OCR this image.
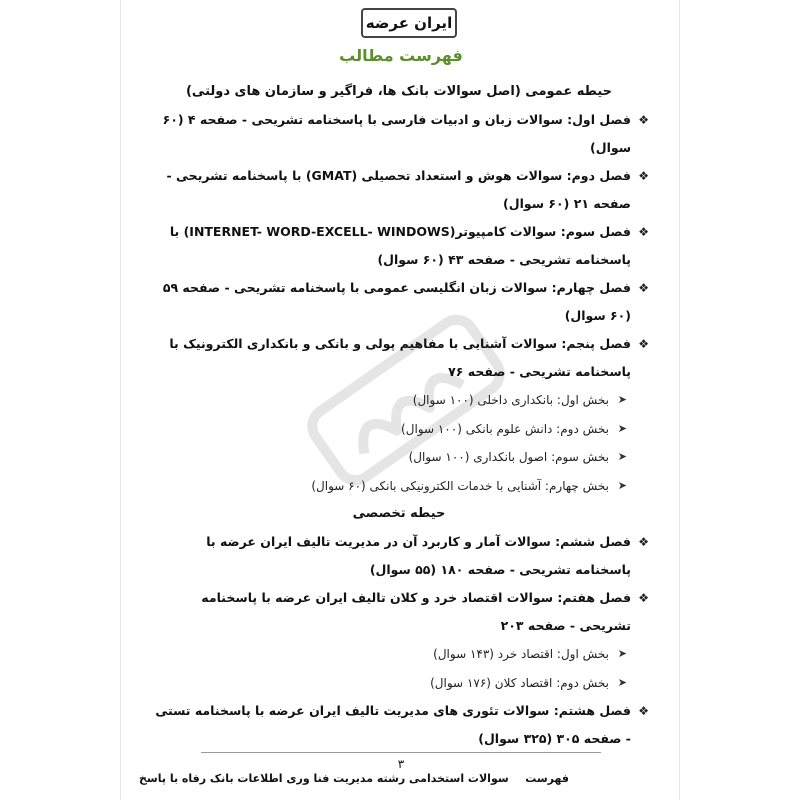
ایران عرضه
فهرست مطالب
حیطه عمومی (اصل سوالات بانک ها، فراگیر و سازمان های دولتی)
❖
فصل اول: سوالات زبان و ادبیات فارسی با پاسخنامه تشریحی - صفحه ۴ (۶۰ سوال)
❖
فصل دوم: سوالات هوش و استعداد تحصیلی (GMAT) با پاسخنامه تشریحی - صفحه ۲۱ (۶۰ سوال)
❖
فصل سوم: سوالات کامپیوتر(INTERNET- WORD-EXCELL- WINDOWS) با پاسخنامه تشریحی - صفحه ۴۳ (۶۰ سوال)
❖
فصل چهارم: سوالات زبان انگلیسی عمومی با پاسخنامه تشریحی - صفحه ۵۹ (۶۰ سوال)
❖
فصل پنجم: سوالات آشنایی با مفاهیم پولی و بانکی و بانکداری الکترونیک با پاسخنامه تشریحی - صفحه ۷۶
➤
بخش اول: بانکداری داخلی (۱۰۰ سوال)
➤
بخش دوم: دانش علوم بانکی (۱۰۰ سوال)
➤
بخش سوم: اصول بانکداری (۱۰۰ سوال)
➤
بخش چهارم: آشنایی با خدمات الکترونیکی بانکی (۶۰ سوال)
حیطه تخصصی
❖
فصل ششم: سوالات آمار و کاربرد آن در مدیریت تالیف ایران عرضه با پاسخنامه تشریحی - صفحه ۱۸۰ (۵۵ سوال)
❖
فصل هفتم: سوالات اقتصاد خرد و کلان تالیف ایران عرضه با پاسخنامه تشریحی - صفحه ۲۰۳
➤
بخش اول: اقتصاد خرد (۱۴۳ سوال)
➤
بخش دوم: اقتصاد کلان (۱۷۶ سوال)
❖
فصل هشتم: سوالات تئوری های مدیریت تالیف ایران عرضه با پاسخنامه تستی - صفحه ۳۰۵ (۳۲۵ سوال)
۳
سوالات استخدامی رشته مدیریت فنا وری اطلاعات بانک رفاه با پاسخ فهرست
